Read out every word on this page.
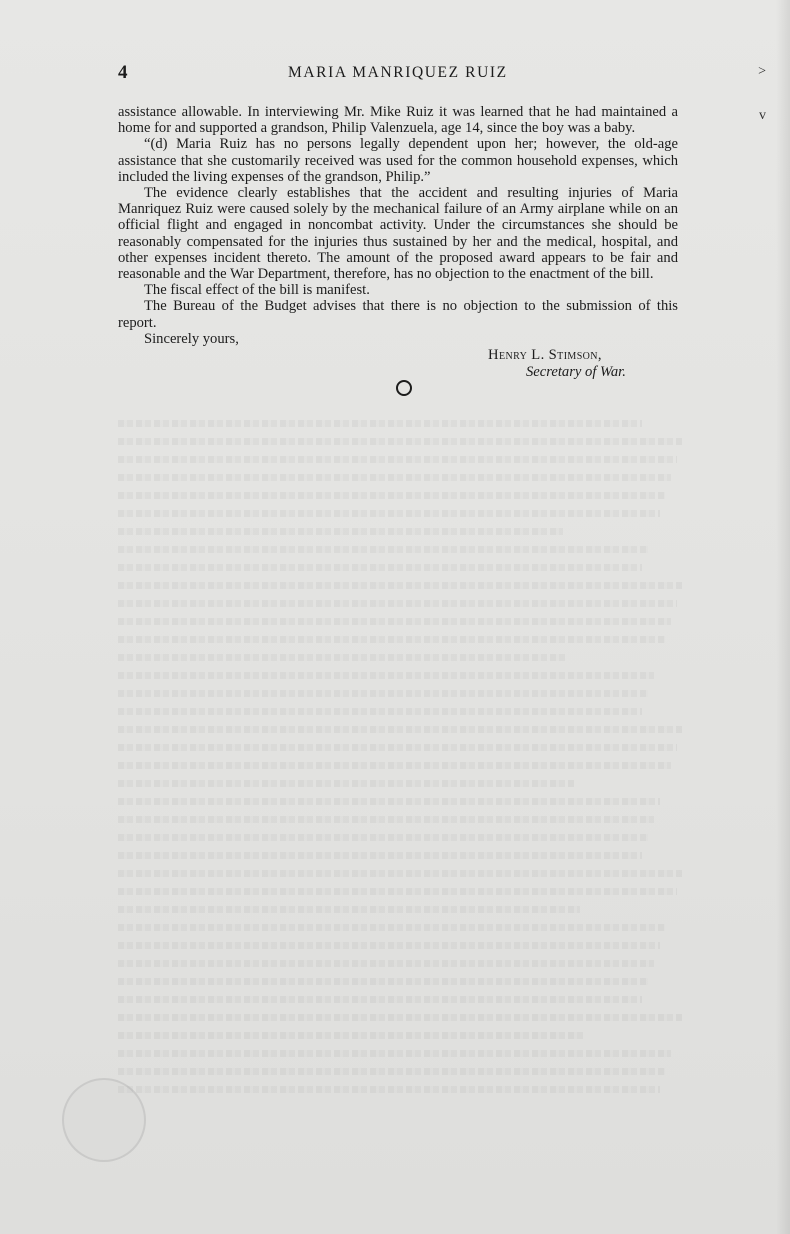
4	MARIA MANRIQUEZ RUIZ	>
v

assistance allowable. In interviewing Mr. Mike Ruiz it was learned that he had maintained a home for and supported a grandson, Philip Valenzuela, age 14, since the boy was a baby.

“(d) Maria Ruiz has no persons legally dependent upon her; however, the old-age assistance that she customarily received was used for the common household expenses, which included the living expenses of the grandson, Philip.”

The evidence clearly establishes that the accident and resulting injuries of Maria Manriquez Ruiz were caused solely by the mechanical failure of an Army airplane while on an official flight and engaged in noncombat activity. Under the circumstances she should be reasonably compensated for the injuries thus sustained by her and the medical, hospital, and other expenses incident thereto. The amount of the proposed award appears to be fair and reasonable and the War Department, therefore, has no objection to the enactment of the bill.

The fiscal effect of the bill is manifest.

The Bureau of the Budget advises that there is no objection to the submission of this report.

Sincerely yours,

Henry L. Stimson,
Secretary of War.
